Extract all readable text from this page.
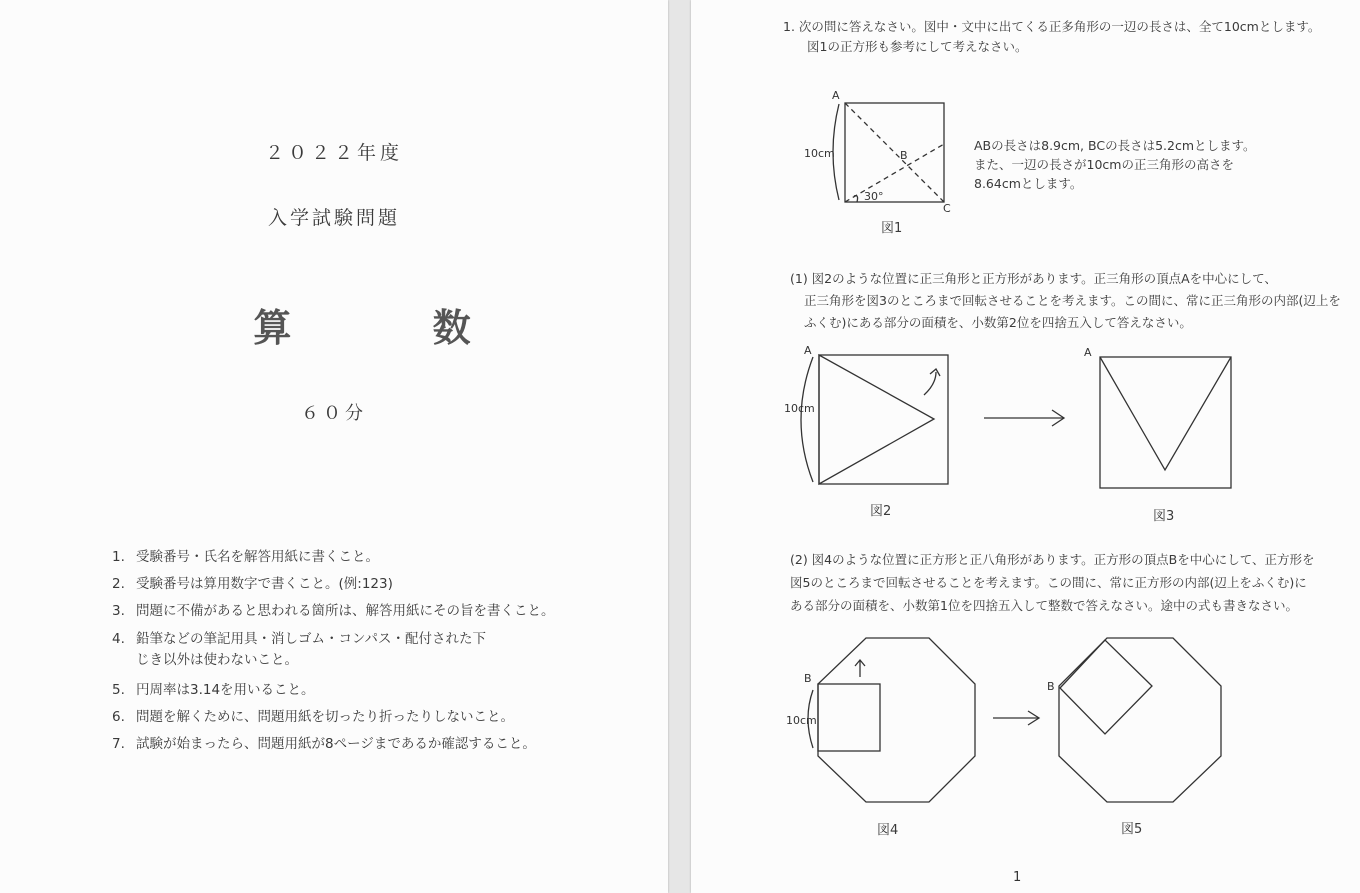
２０２２年度
入学試験問題
算 数
６０分
1. 受験番号・氏名を解答用紙に書くこと。
2. 受験番号は算用数字で書くこと。(例:123)
3. 問題に不備があると思われる箇所は、解答用紙にその旨を書くこと。
4. 鉛筆などの筆記用具・消しゴム・コンパス・配付された下じき以外は使わないこと。
5. 円周率は3.14を用いること。
6. 問題を解くために、問題用紙を切ったり折ったりしないこと。
7. 試験が始まったら、問題用紙が8ページまであるか確認すること。

1. 次の問に答えなさい。図中・文中に出てくる正多角形の一辺の長さは、全て10cmとします。

図1の正方形も参考にして考えなさい。

A
B
C
10cm
30°
A
10cm
A
B
10cm
B

ABの長さは8.9cm, BCの長さは5.2cmとします。

また、一辺の長さが10cmの正三角形の高さを

8.64cmとします。

図1

(1) 図2のような位置に正三角形と正方形があります。正三角形の頂点Aを中心にして、

正三角形を図3のところまで回転させることを考えます。この間に、常に正三角形の内部(辺上を

ふくむ)にある部分の面積を、小数第2位を四捨五入して答えなさい。

図2	図3

(2) 図4のような位置に正方形と正八角形があります。正方形の頂点Bを中心にして、正方形を

図5のところまで回転させることを考えます。この間に、常に正方形の内部(辺上をふくむ)に

ある部分の面積を、小数第1位を四捨五入して整数で答えなさい。途中の式も書きなさい。

図4	図5
1
